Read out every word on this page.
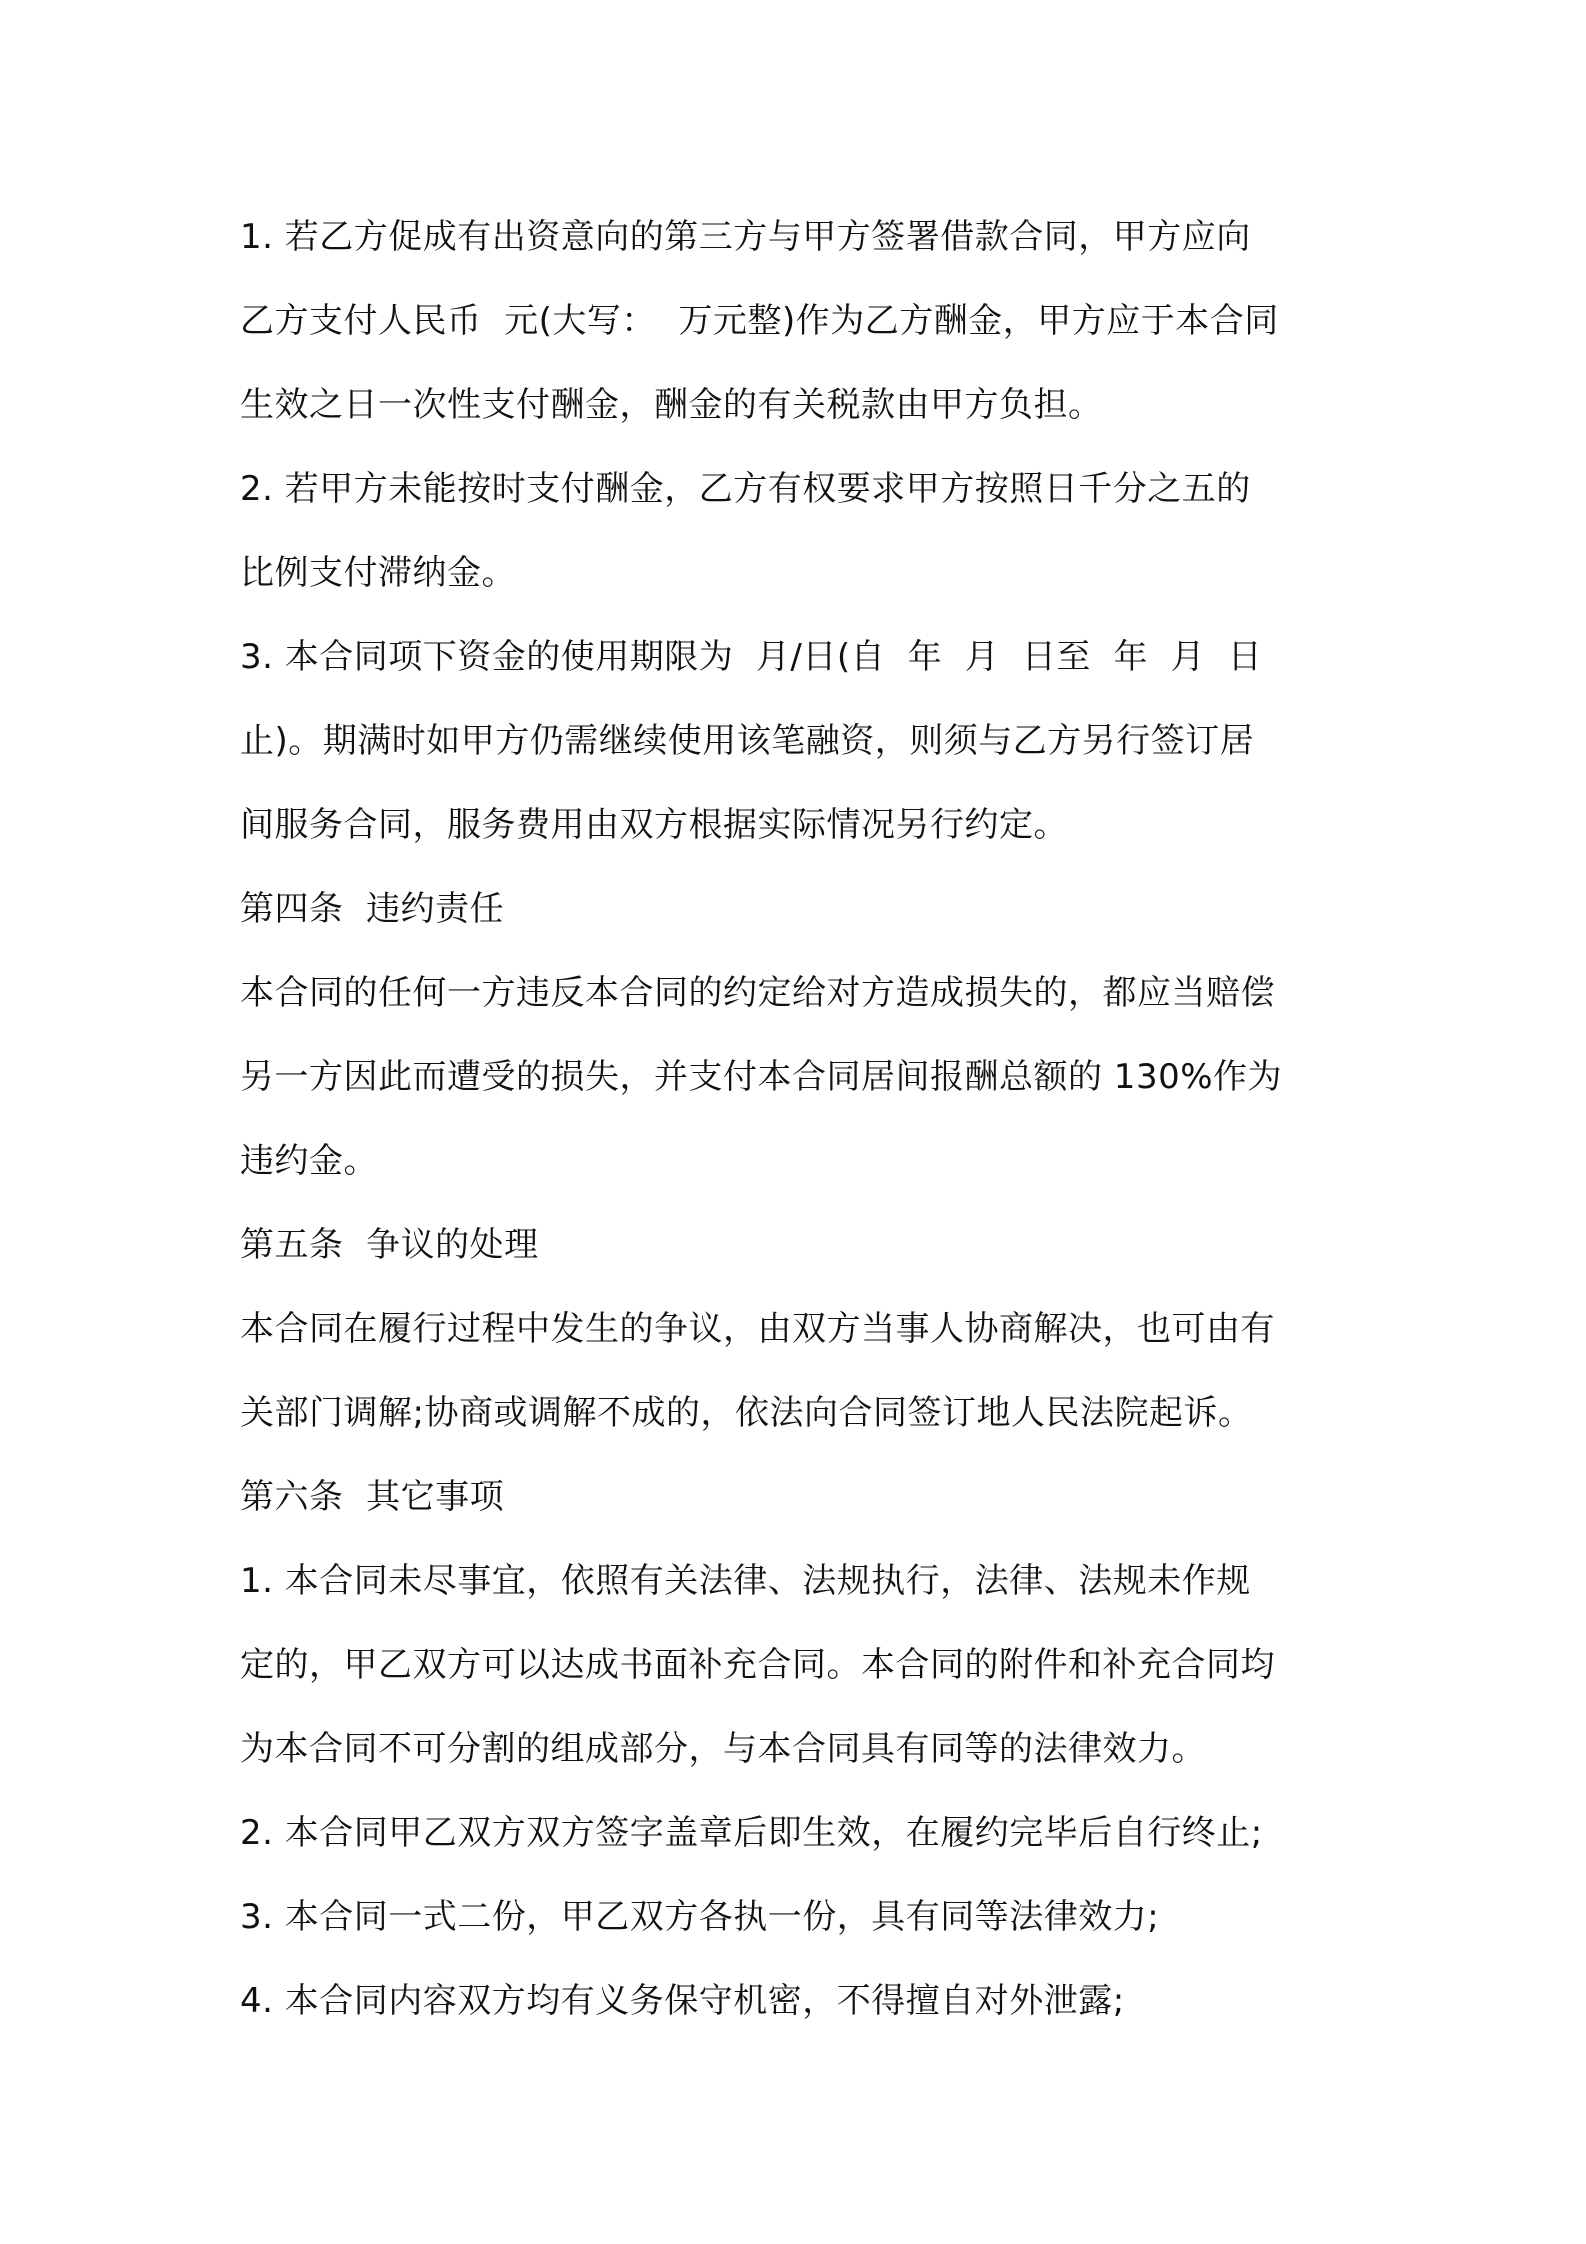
1. 若乙方促成有出资意向的第三方与甲方签署借款合同，甲方应向
乙方支付人民币  元(大写：  万元整)作为乙方酬金，甲方应于本合同
生效之日一次性支付酬金，酬金的有关税款由甲方负担。
2. 若甲方未能按时支付酬金，乙方有权要求甲方按照日千分之五的
比例支付滞纳金。
3. 本合同项下资金的使用期限为  月/日(自  年  月  日至  年  月  日
止)。期满时如甲方仍需继续使用该笔融资，则须与乙方另行签订居
间服务合同，服务费用由双方根据实际情况另行约定。
第四条  违约责任
本合同的任何一方违反本合同的约定给对方造成损失的，都应当赔偿
另一方因此而遭受的损失，并支付本合同居间报酬总额的 130%作为
违约金。
第五条  争议的处理
本合同在履行过程中发生的争议，由双方当事人协商解决，也可由有
关部门调解;协商或调解不成的，依法向合同签订地人民法院起诉。
第六条  其它事项
1. 本合同未尽事宜，依照有关法律、法规执行，法律、法规未作规
定的，甲乙双方可以达成书面补充合同。本合同的附件和补充合同均
为本合同不可分割的组成部分，与本合同具有同等的法律效力。
2. 本合同甲乙双方双方签字盖章后即生效，在履约完毕后自行终止;
3. 本合同一式二份，甲乙双方各执一份，具有同等法律效力;
4. 本合同内容双方均有义务保守机密，不得擅自对外泄露;
